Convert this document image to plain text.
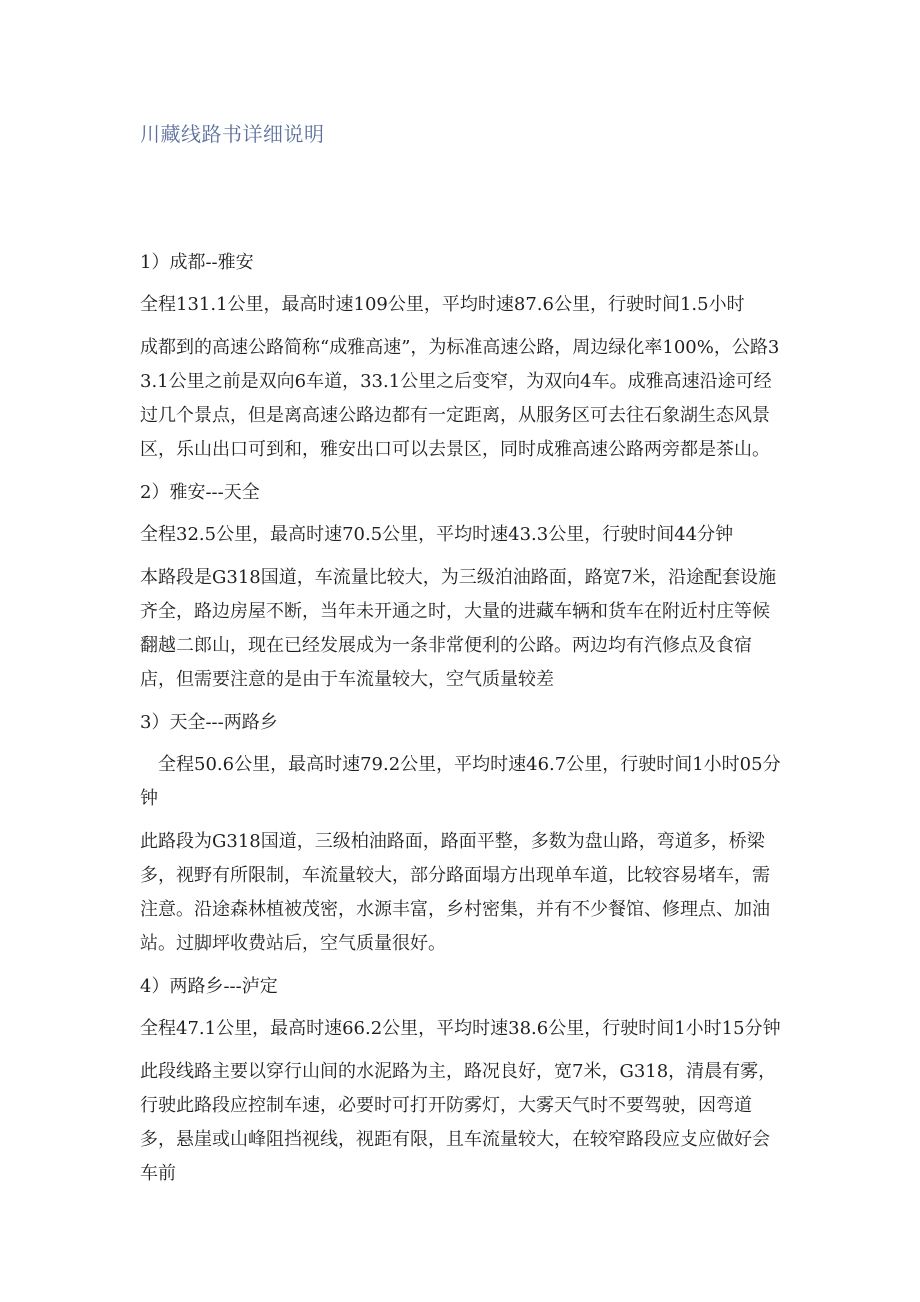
川藏线路书详细说明

1）成都--雅安

全程131.1公里，最高时速109公里，平均时速87.6公里，行驶时间1.5小时

成都到的高速公路简称“成雅高速”，为标准高速公路，周边绿化率100%，公路33.1公里之前是双向6车道，33.1公里之后变窄，为双向4车。成雅高速沿途可经过几个景点，但是离高速公路边都有一定距离，从服务区可去往石象湖生态风景区，乐山出口可到和，雅安出口可以去景区，同时成雅高速公路两旁都是茶山。

2）雅安---天全

全程32.5公里，最高时速70.5公里，平均时速43.3公里，行驶时间44分钟

本路段是G318国道，车流量比较大，为三级泊油路面，路宽7米，沿途配套设施齐全，路边房屋不断，当年未开通之时，大量的进藏车辆和货车在附近村庄等候翻越二郎山，现在已经发展成为一条非常便利的公路。两边均有汽修点及食宿店，但需要注意的是由于车流量较大，空气质量较差

3）天全---两路乡

全程50.6公里，最高时速79.2公里，平均时速46.7公里，行驶时间1小时05分钟

此路段为G318国道，三级柏油路面，路面平整，多数为盘山路，弯道多，桥梁多，视野有所限制，车流量较大，部分路面塌方出现单车道，比较容易堵车，需注意。沿途森林植被茂密，水源丰富，乡村密集，并有不少餐馆、修理点、加油站。过脚坪收费站后，空气质量很好。

4）两路乡---泸定

全程47.1公里，最高时速66.2公里，平均时速38.6公里，行驶时间1小时15分钟

此段线路主要以穿行山间的水泥路为主，路况良好，宽7米，G318，清晨有雾，行驶此路段应控制车速，必要时可打开防雾灯，大雾天气时不要驾驶，因弯道多，悬崖或山峰阻挡视线，视距有限，且车流量较大，在较窄路段应攴应做好会车前
